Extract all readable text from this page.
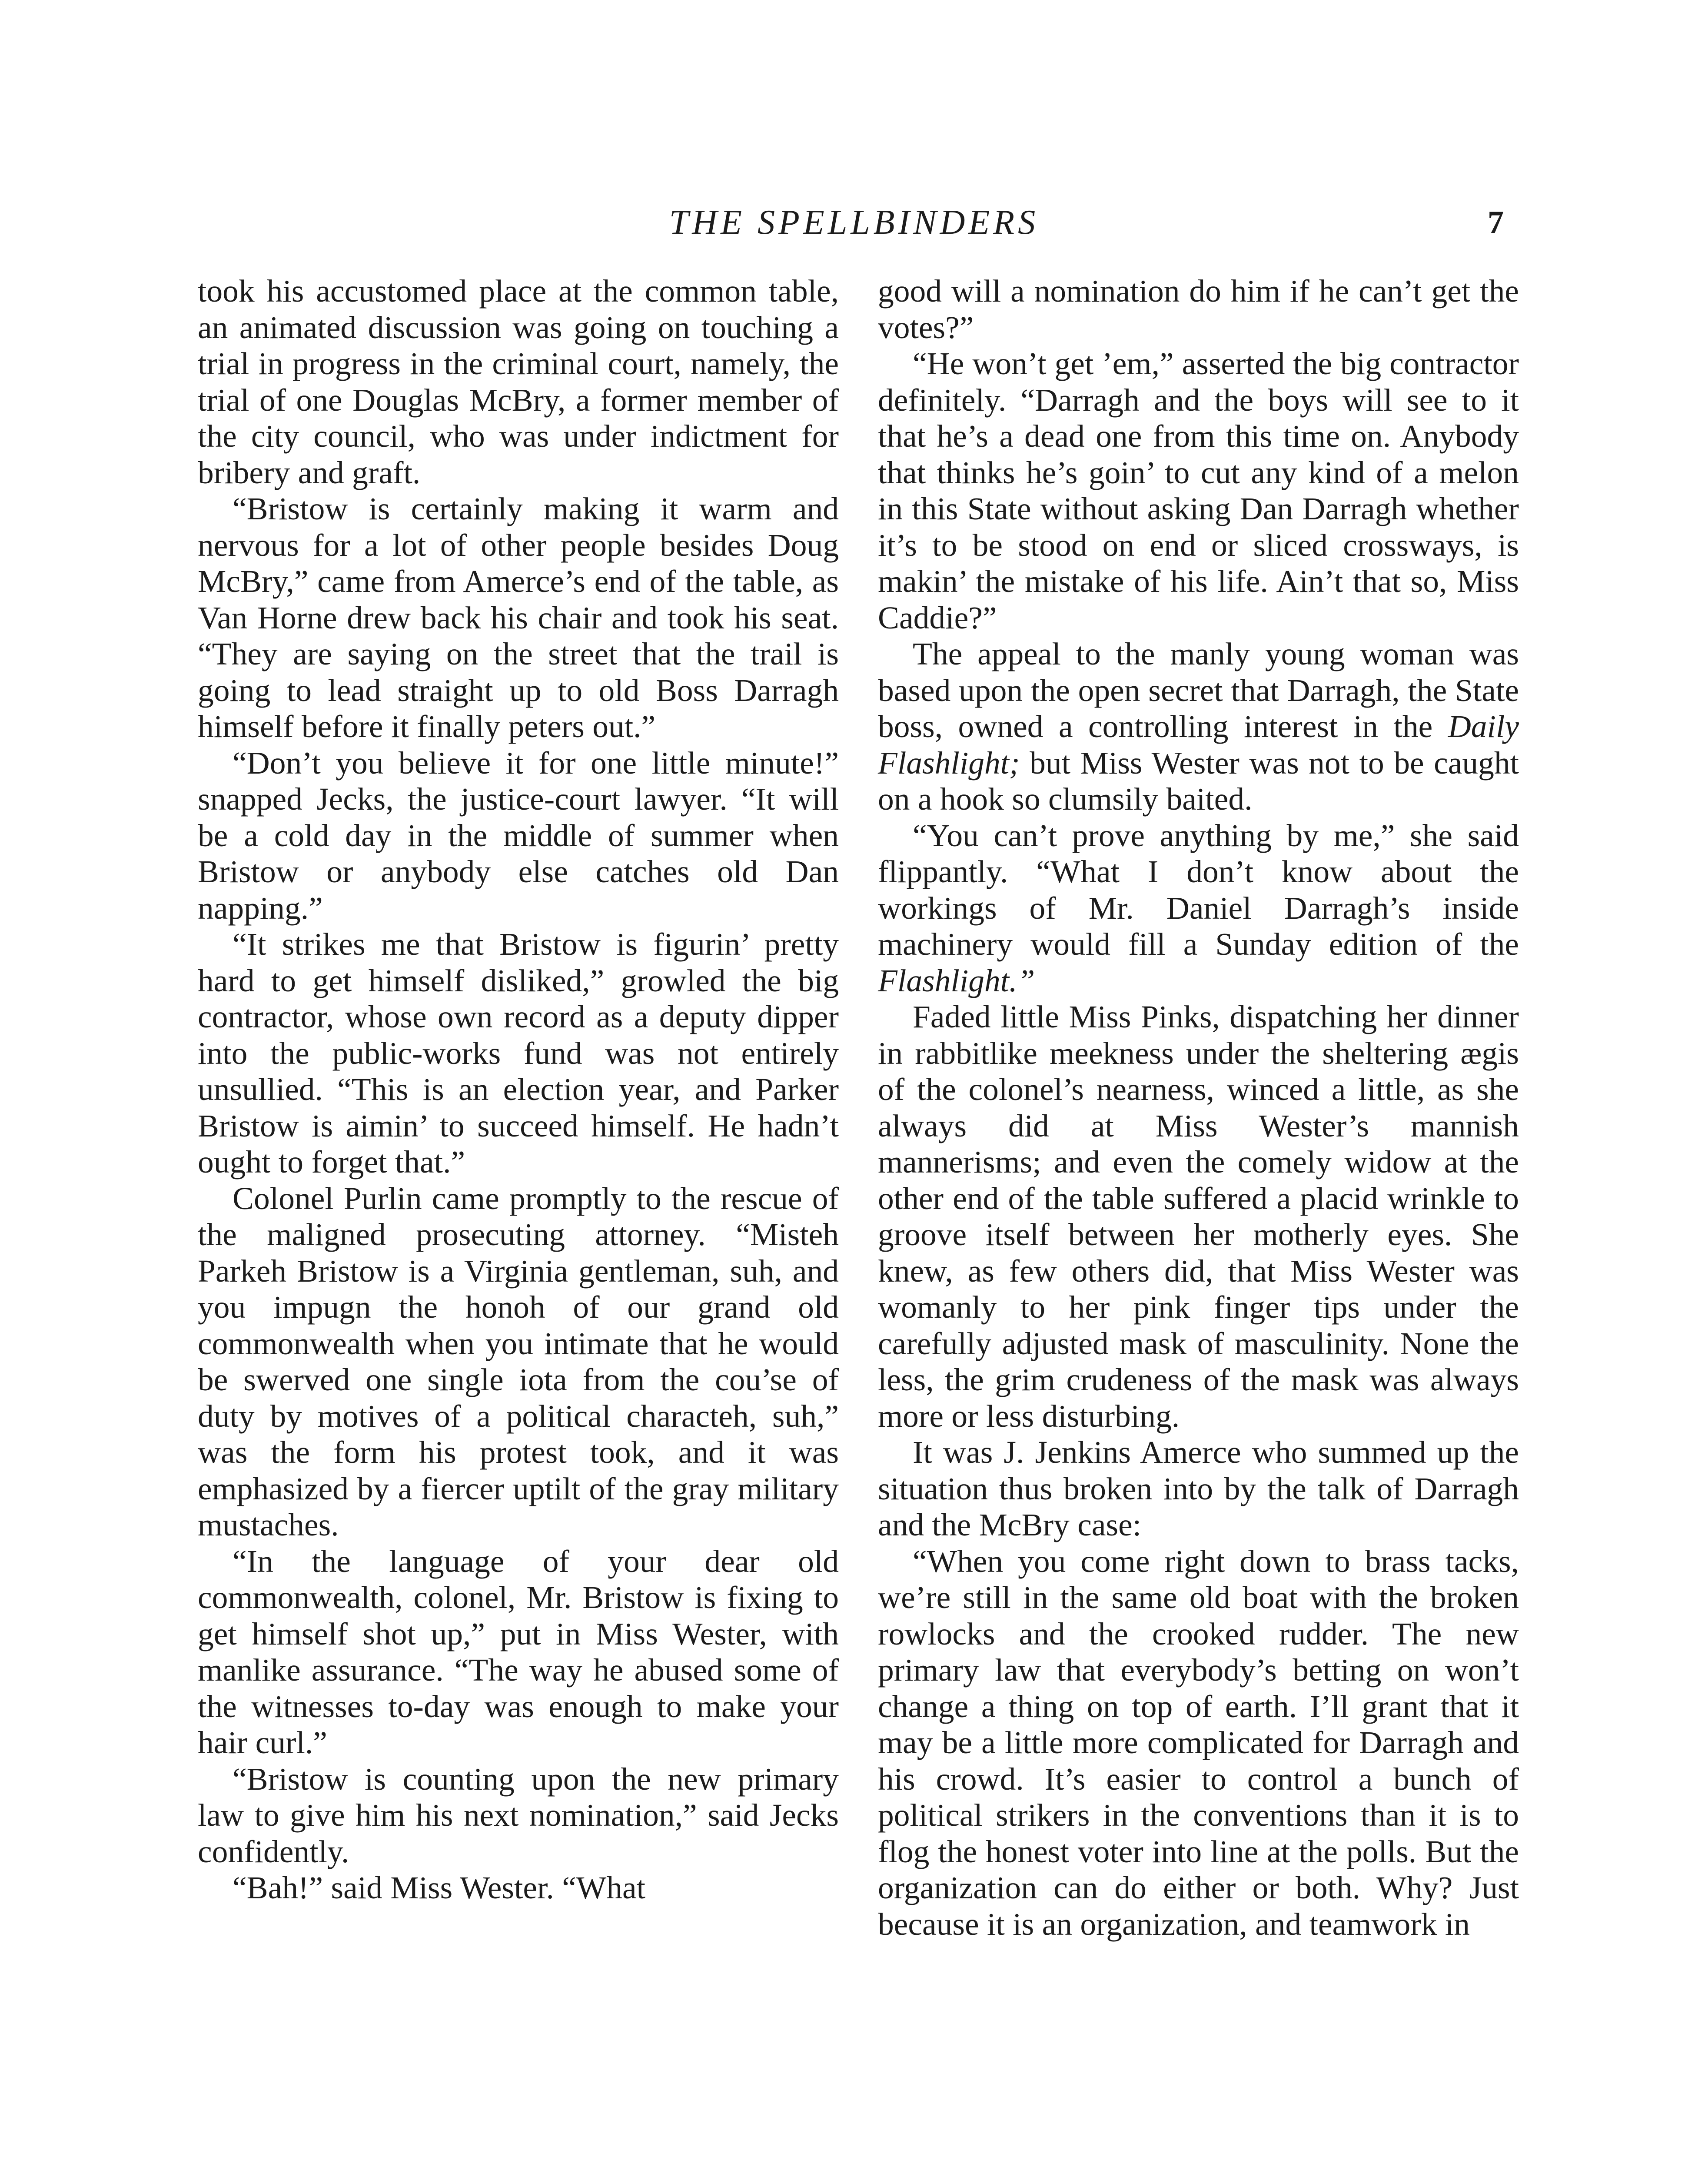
THE SPELLBINDERS	7

took his accustomed place at the common table, an animated discussion was going on touching a trial in progress in the criminal court, namely, the trial of one Douglas McBry, a former member of the city council, who was under indictment for bribery and graft.

“Bristow is certainly making it warm and nervous for a lot of other people besides Doug McBry,” came from Amerce’s end of the table, as Van Horne drew back his chair and took his seat. “They are saying on the street that the trail is going to lead straight up to old Boss Darragh himself before it finally peters out.”

“Don’t you believe it for one little minute!” snapped Jecks, the justice-court lawyer. “It will be a cold day in the middle of summer when Bristow or anybody else catches old Dan napping.”

“It strikes me that Bristow is figurin’ pretty hard to get himself disliked,” growled the big contractor, whose own record as a deputy dipper into the public-works fund was not entirely unsullied. “This is an election year, and Parker Bristow is aimin’ to succeed himself. He hadn’t ought to forget that.”

Colonel Purlin came promptly to the rescue of the maligned prosecuting attorney. “Misteh Parkeh Bristow is a Virginia gentleman, suh, and you impugn the honoh of our grand old commonwealth when you intimate that he would be swerved one single iota from the cou’se of duty by motives of a political characteh, suh,” was the form his protest took, and it was emphasized by a fiercer uptilt of the gray military mustaches.

“In the language of your dear old commonwealth, colonel, Mr. Bristow is fixing to get himself shot up,” put in Miss Wester, with manlike assurance. “The way he abused some of the witnesses to-day was enough to make your hair curl.”

“Bristow is counting upon the new primary law to give him his next nomination,” said Jecks confidently.

“Bah!” said Miss Wester. “What

good will a nomination do him if he can’t get the votes?”

“He won’t get ’em,” asserted the big contractor definitely. “Darragh and the boys will see to it that he’s a dead one from this time on. Anybody that thinks he’s goin’ to cut any kind of a melon in this State without asking Dan Darragh whether it’s to be stood on end or sliced crossways, is makin’ the mistake of his life. Ain’t that so, Miss Caddie?”

The appeal to the manly young woman was based upon the open secret that Darragh, the State boss, owned a controlling interest in the Daily Flashlight; but Miss Wester was not to be caught on a hook so clumsily baited.

“You can’t prove anything by me,” she said flippantly. “What I don’t know about the workings of Mr. Daniel Darragh’s inside machinery would fill a Sunday edition of the Flashlight.”

Faded little Miss Pinks, dispatching her dinner in rabbitlike meekness under the sheltering ægis of the colonel’s nearness, winced a little, as she always did at Miss Wester’s mannish mannerisms; and even the comely widow at the other end of the table suffered a placid wrinkle to groove itself between her motherly eyes. She knew, as few others did, that Miss Wester was womanly to her pink finger tips under the carefully adjusted mask of masculinity. None the less, the grim crudeness of the mask was always more or less disturbing.

It was J. Jenkins Amerce who summed up the situation thus broken into by the talk of Darragh and the McBry case:

“When you come right down to brass tacks, we’re still in the same old boat with the broken rowlocks and the crooked rudder. The new primary law that everybody’s betting on won’t change a thing on top of earth. I’ll grant that it may be a little more complicated for Darragh and his crowd. It’s easier to control a bunch of political strikers in the conventions than it is to flog the honest voter into line at the polls. But the organization can do either or both. Why? Just because it is an organization, and teamwork in
